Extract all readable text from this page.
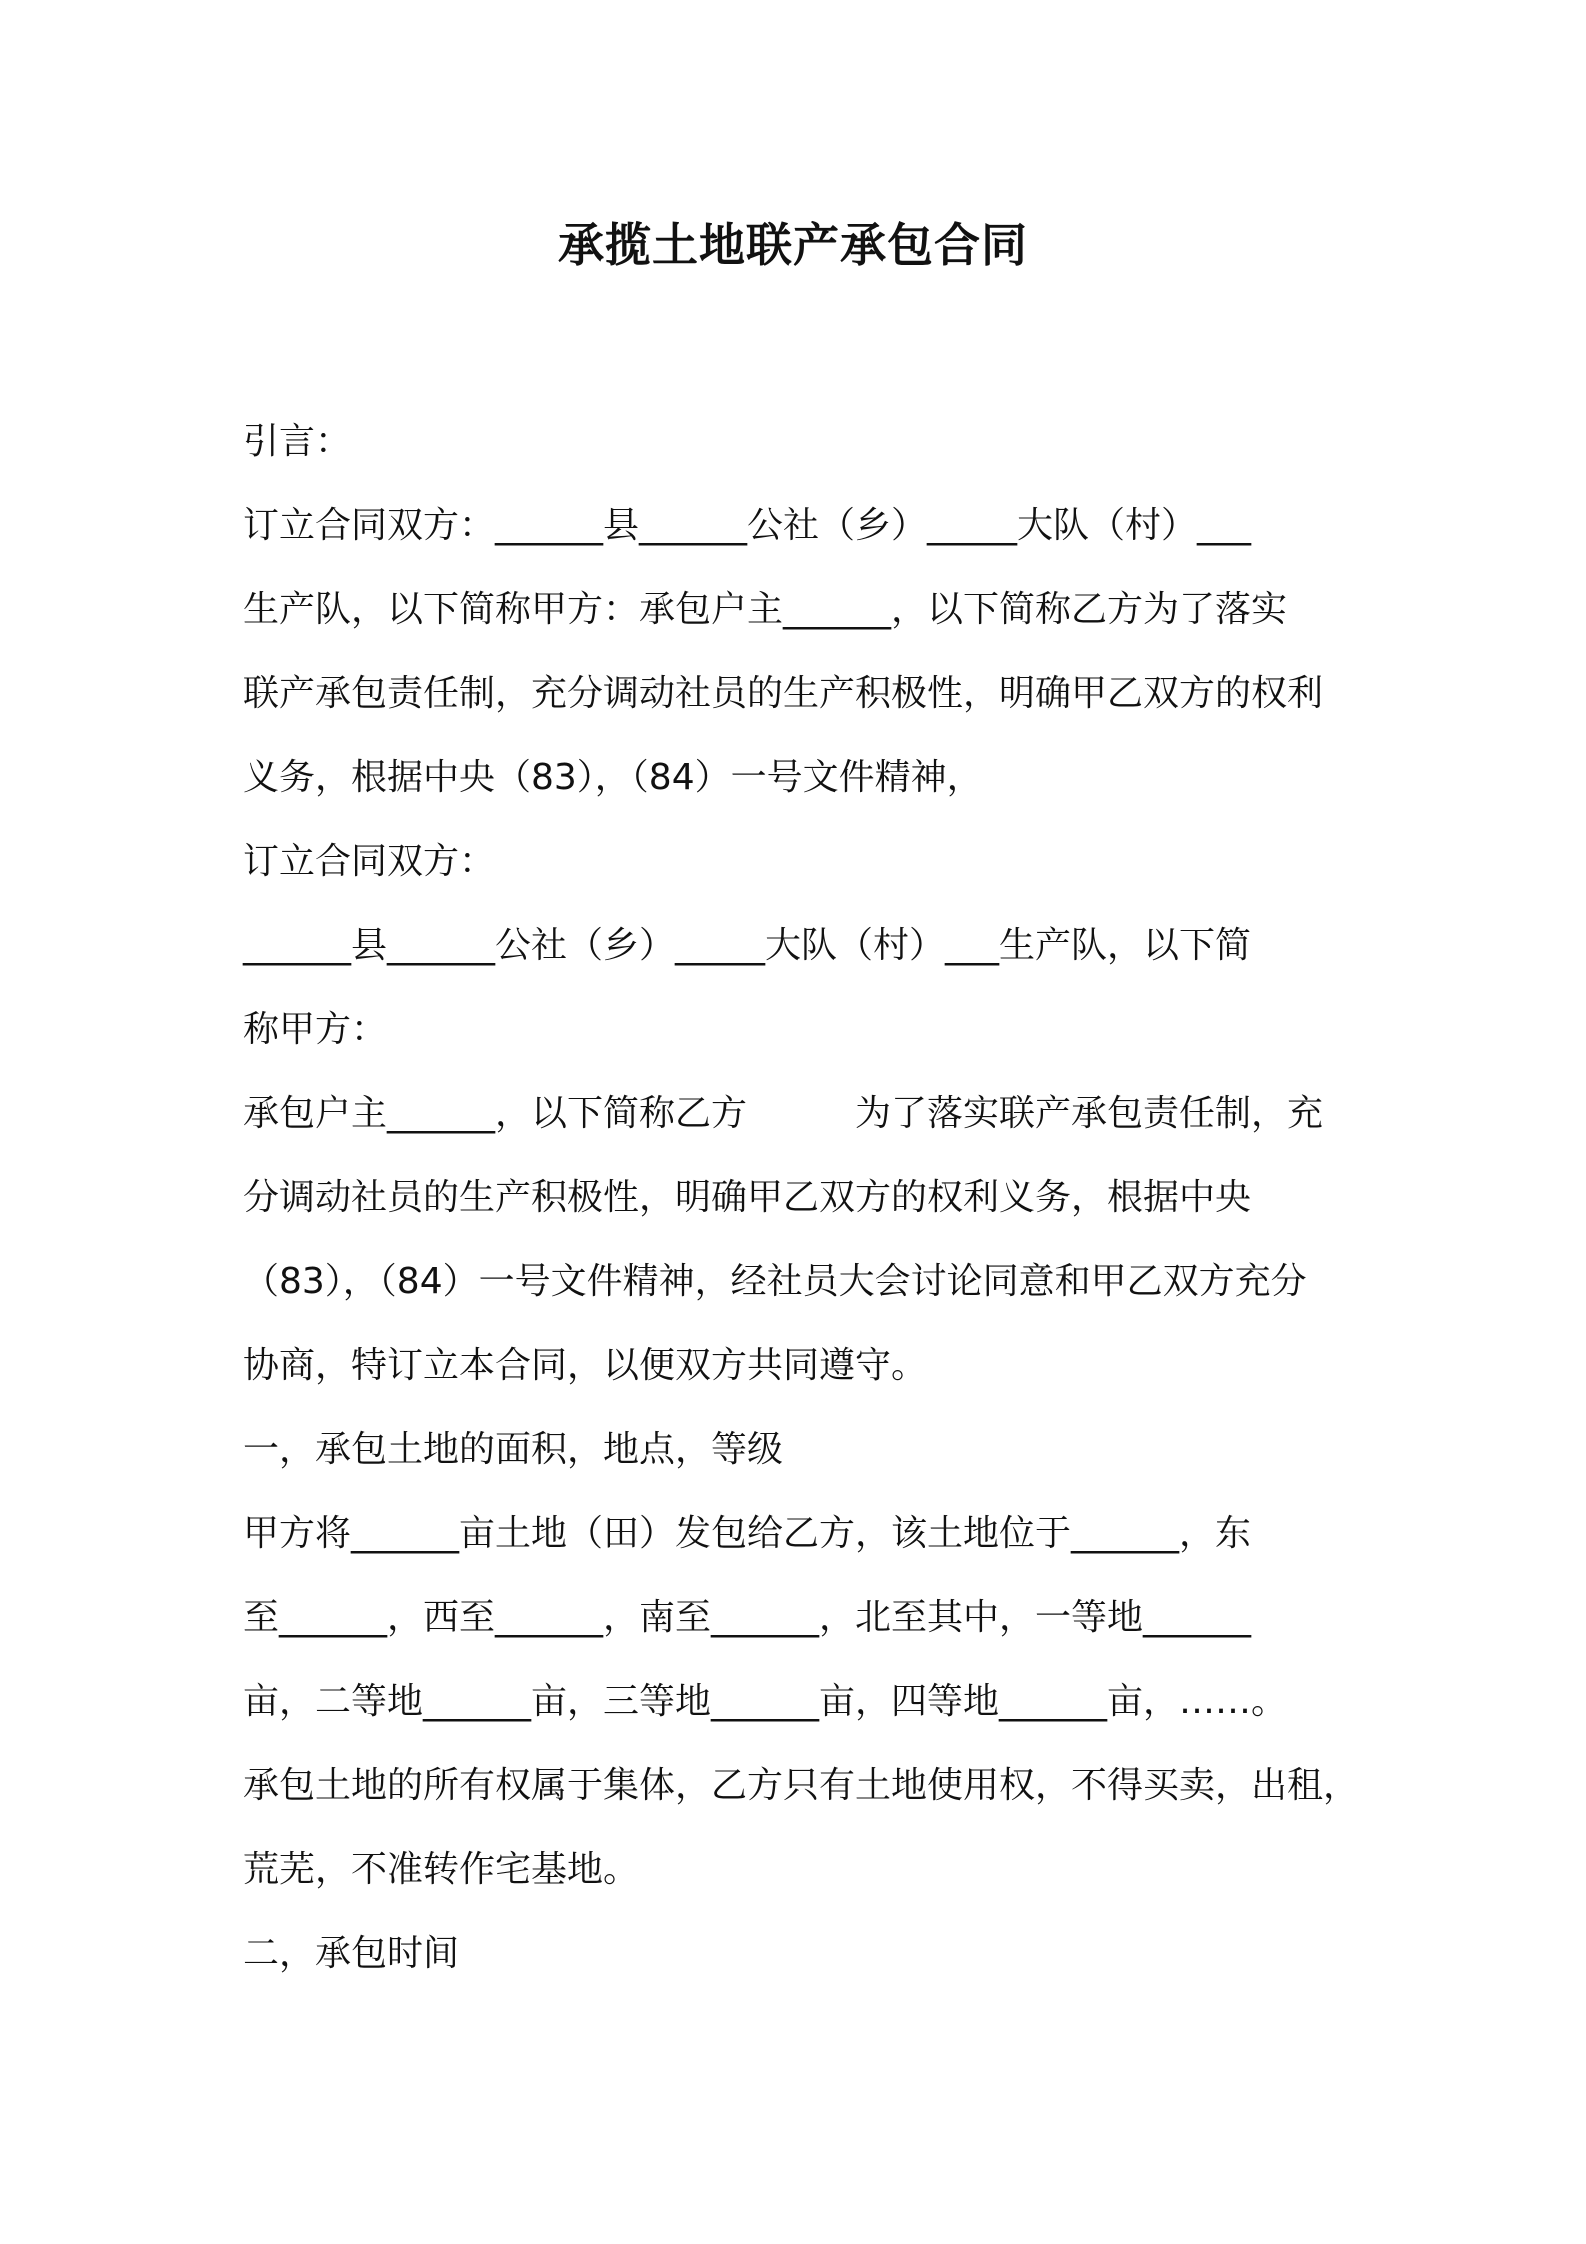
承揽土地联产承包合同
引言：
订立合同双方：______县______公社（乡）_____大队（村）___
生产队，以下简称甲方：承包户主______，以下简称乙方为了落实
联产承包责任制，充分调动社员的生产积极性，明确甲乙双方的权利
义务，根据中央（83），（84）一号文件精神，
订立合同双方：
______县______公社（乡）_____大队（村）___生产队，以下简
称甲方：
承包户主______，以下简称乙方　　　为了落实联产承包责任制，充
分调动社员的生产积极性，明确甲乙双方的权利义务，根据中央
（83），（84）一号文件精神，经社员大会讨论同意和甲乙双方充分
协商，特订立本合同，以便双方共同遵守。
一，承包土地的面积，地点，等级
甲方将______亩土地（田）发包给乙方，该土地位于______，东
至______，西至______，南至______，北至其中，一等地______
亩，二等地______亩，三等地______亩，四等地______亩，……。
承包土地的所有权属于集体，乙方只有土地使用权，不得买卖，出租，
荒芜，不准转作宅基地。
二，承包时间
